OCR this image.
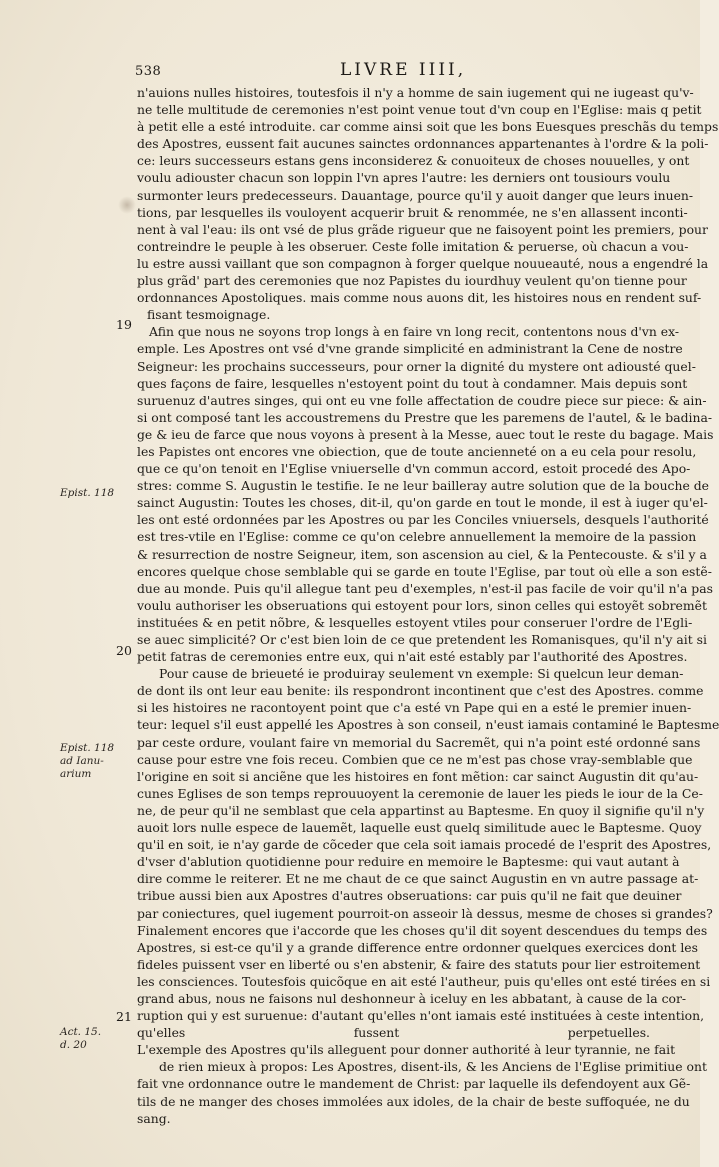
538	LIVRE IIII,
19
20
21
Epist. 118
Epist. 118
ad Ianu-
arium
Act. 15.
d. 20
n'auions nulles histoires, toutesfois il n'y a homme de sain iugement qui ne iugeast qu'v-
ne telle multitude de ceremonies n'est point venue tout d'vn coup en l'Eglise: mais q petit
à petit elle a esté introduite. car comme ainsi soit que les bons Euesques preschãs du temps
des Apostres, eussent fait aucunes sainctes ordonnances appartenantes à l'ordre & la poli-
ce: leurs successeurs estans gens inconsiderez & conuoiteux de choses nouuelles, y ont
voulu adiouster chacun son loppin l'vn apres l'autre: les derniers ont tousiours voulu
surmonter leurs predecesseurs. Dauantage, pource qu'il y auoit danger que leurs inuen-
tions, par lesquelles ils vouloyent acquerir bruit & renommée, ne s'en allassent inconti-
nent à val l'eau: ils ont vsé de plus grãde rigueur que ne faisoyent point les premiers, pour
contreindre le peuple à les obseruer. Ceste folle imitation & peruerse, où chacun a vou-
lu estre aussi vaillant que son compagnon à forger quelque nouueauté, nous a engendré la
plus grãd' part des ceremonies que noz Papistes du iourdhuy veulent qu'on tienne pour
ordonnances Apostoliques. mais comme nous auons dit, les histoires nous en rendent suf-
fisant tesmoignage.
Afin que nous ne soyons trop longs à en faire vn long recit, contentons nous d'vn ex-
emple. Les Apostres ont vsé d'vne grande simplicité en administrant la Cene de nostre
Seigneur: les prochains successeurs, pour orner la dignité du mystere ont adiousté quel-
ques façons de faire, lesquelles n'estoyent point du tout à condamner. Mais depuis sont
suruenuz d'autres singes, qui ont eu vne folle affectation de coudre piece sur piece: & ain-
si ont composé tant les accoustremens du Prestre que les paremens de l'autel, & le badina-
ge & ieu de farce que nous voyons à present à la Messe, auec tout le reste du bagage. Mais
les Papistes ont encores vne obiection, que de toute ancienneté on a eu cela pour resolu,
que ce qu'on tenoit en l'Eglise vniuerselle d'vn commun accord, estoit procedé des Apo-
stres: comme S. Augustin le testifie. Ie ne leur bailleray autre solution que de la bouche de
sainct Augustin: Toutes les choses, dit-il, qu'on garde en tout le monde, il est à iuger qu'el-
les ont esté ordonnées par les Apostres ou par les Conciles vniuersels, desquels l'authorité
est tres-vtile en l'Eglise: comme ce qu'on celebre annuellement la memoire de la passion
& resurrection de nostre Seigneur, item, son ascension au ciel, & la Pentecouste. & s'il y a
encores quelque chose semblable qui se garde en toute l'Eglise, par tout où elle a son estẽ-
due au monde. Puis qu'il allegue tant peu d'exemples, n'est-il pas facile de voir qu'il n'a pas
voulu authoriser les obseruations qui estoyent pour lors, sinon celles qui estoyẽt sobremẽt
instituées & en petit nõbre, & lesquelles estoyent vtiles pour conseruer l'ordre de l'Egli-
se auec simplicité? Or c'est bien loin de ce que pretendent les Romanisques, qu'il n'y ait si
petit fatras de ceremonies entre eux, qui n'ait esté estably par l'authorité des Apostres.
Pour cause de brieueté ie produiray seulement vn exemple: Si quelcun leur deman-
de dont ils ont leur eau benite: ils respondront incontinent que c'est des Apostres. comme
si les histoires ne racontoyent point que c'a esté vn Pape qui en a esté le premier inuen-
teur: lequel s'il eust appellé les Apostres à son conseil, n'eust iamais contaminé le Baptesme
par ceste ordure, voulant faire vn memorial du Sacremẽt, qui n'a point esté ordonné sans
cause pour estre vne fois receu. Combien que ce ne m'est pas chose vray-semblable que
l'origine en soit si anciẽne que les histoires en font mẽtion: car sainct Augustin dit qu'au-
cunes Eglises de son temps reprouuoyent la ceremonie de lauer les pieds le iour de la Ce-
ne, de peur qu'il ne semblast que cela appartinst au Baptesme. En quoy il signifie qu'il n'y
auoit lors nulle espece de lauemẽt, laquelle eust quelq similitude auec le Baptesme. Quoy
qu'il en soit, ie n'ay garde de cõceder que cela soit iamais procedé de l'esprit des Apostres,
d'vser d'ablution quotidienne pour reduire en memoire le Baptesme: qui vaut autant à
dire comme le reiterer. Et ne me chaut de ce que sainct Augustin en vn autre passage at-
tribue aussi bien aux Apostres d'autres obseruations: car puis qu'il ne fait que deuiner
par coniectures, quel iugement pourroit-on asseoir là dessus, mesme de choses si grandes?
Finalement encores que i'accorde que les choses qu'il dit soyent descendues du temps des
Apostres, si est-ce qu'il y a grande difference entre ordonner quelques exercices dont les
fideles puissent vser en liberté ou s'en abstenir, & faire des statuts pour lier estroitement
les consciences. Toutesfois quicõque en ait esté l'autheur, puis qu'elles ont esté tirées en si
grand abus, nous ne faisons nul deshonneur à iceluy en les abbatant, à cause de la cor-
ruption qui y est suruenue: d'autant qu'elles n'ont iamais esté instituées à ceste intention,
qu'elles fussent perpetuelles.
L'exemple des Apostres qu'ils alleguent pour donner authorité à leur tyrannie, ne fait
de rien mieux à propos: Les Apostres, disent-ils, & les Anciens de l'Eglise primitiue ont
fait vne ordonnance outre le mandement de Christ: par laquelle ils defendoyent aux Gẽ-
tils de ne manger des choses immolées aux idoles, de la chair de beste suffoquée, ne du
sang.
